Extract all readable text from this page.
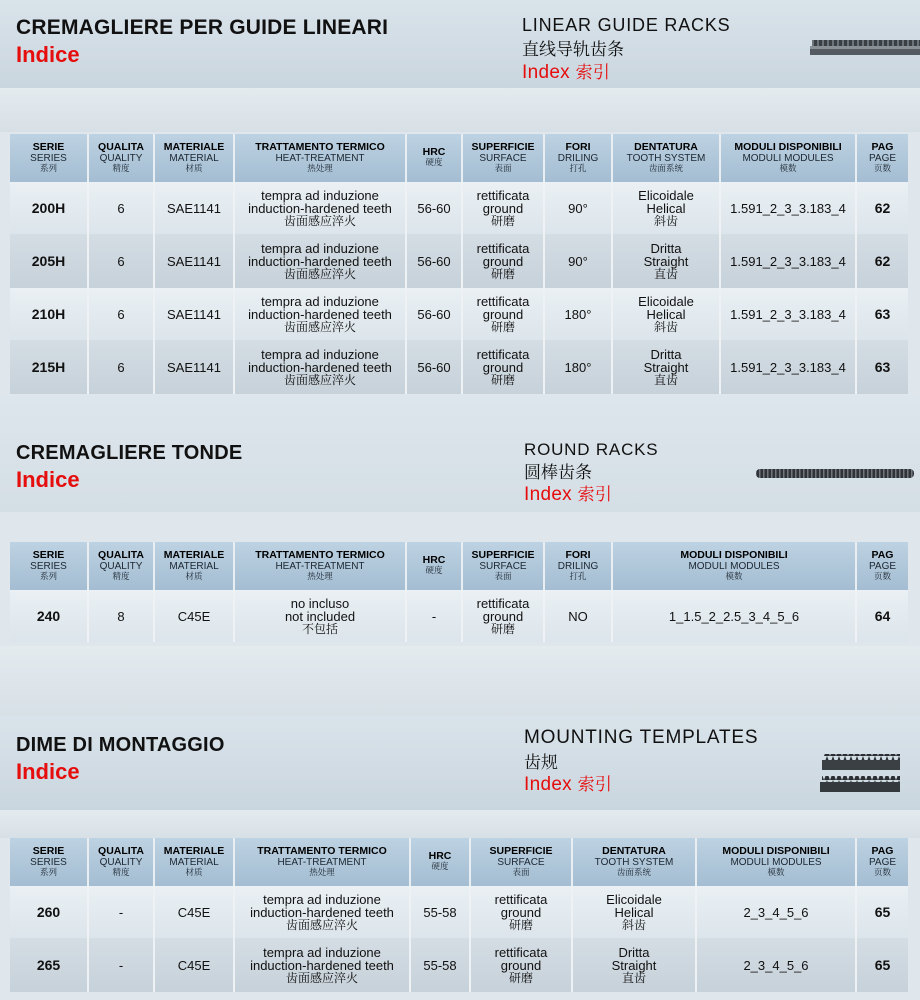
CREMAGLIERE PER GUIDE LINEARI
Indice
LINEAR GUIDE RACKS
直线导轨齿条
Index 索引
SERIE
SERIES
系列	QUALITA
QUALITY
精度	MATERIALE
MATERIAL
材质	TRATTAMENTO TERMICO
HEAT-TREATMENT
热处理	HRC
硬度	SUPERFICIE
SURFACE
表面	FORI
DRILING
打孔	DENTATURA
TOOTH SYSTEM
齿面系统	MODULI DISPONIBILI
MODULI MODULES
模数	PAG
PAGE
页数

200H	6	SAE1141	tempra ad induzione
induction-hardened teeth
齿面感应淬火	56-60	rettificata
ground
研磨	90°	Elicoidale
Helical
斜齿	1.591_2_3_3.183_4	62
205H	6	SAE1141	tempra ad induzione
induction-hardened teeth
齿面感应淬火	56-60	rettificata
ground
研磨	90°	Dritta
Straight
直齿	1.591_2_3_3.183_4	62
210H	6	SAE1141	tempra ad induzione
induction-hardened teeth
齿面感应淬火	56-60	rettificata
ground
研磨	180°	Elicoidale
Helical
斜齿	1.591_2_3_3.183_4	63
215H	6	SAE1141	tempra ad induzione
induction-hardened teeth
齿面感应淬火	56-60	rettificata
ground
研磨	180°	Dritta
Straight
直齿	1.591_2_3_3.183_4	63
CREMAGLIERE TONDE
Indice
ROUND RACKS
圆棒齿条
Index 索引
SERIE
SERIES
系列	QUALITA
QUALITY
精度	MATERIALE
MATERIAL
材质	TRATTAMENTO TERMICO
HEAT-TREATMENT
热处理	HRC
硬度	SUPERFICIE
SURFACE
表面	FORI
DRILING
打孔	MODULI DISPONIBILI
MODULI MODULES
模数	PAG
PAGE
页数

240	8	C45E	no incluso
not included
不包括	-	rettificata
ground
研磨	NO	1_1.5_2_2.5_3_4_5_6	64
DIME DI MONTAGGIO
Indice
MOUNTING TEMPLATES
齿规
Index 索引
SERIE
SERIES
系列	QUALITA
QUALITY
精度	MATERIALE
MATERIAL
材质	TRATTAMENTO TERMICO
HEAT-TREATMENT
热处理	HRC
硬度	SUPERFICIE
SURFACE
表面	DENTATURA
TOOTH SYSTEM
齿面系统	MODULI DISPONIBILI
MODULI MODULES
模数	PAG
PAGE
页数

260	-	C45E	tempra ad induzione
induction-hardened teeth
齿面感应淬火	55-58	rettificata
ground
研磨	Elicoidale
Helical
斜齿	2_3_4_5_6	65
265	-	C45E	tempra ad induzione
induction-hardened teeth
齿面感应淬火	55-58	rettificata
ground
研磨	Dritta
Straight
直齿	2_3_4_5_6	65
